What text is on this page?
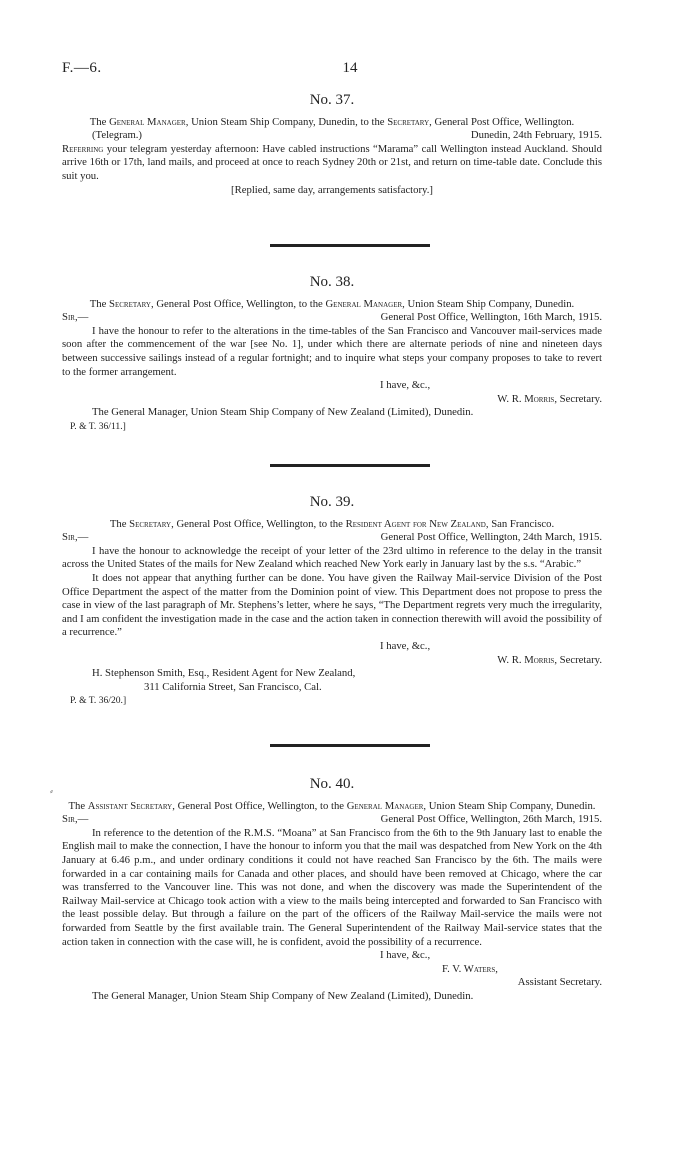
F.—6.	14
No. 37.
The General Manager, Union Steam Ship Company, Dunedin, to the Secretary, General Post Office, Wellington.
(Telegram.)	Dunedin, 24th February, 1915.
Referring your telegram yesterday afternoon: Have cabled instructions “Marama” call Wellington instead Auckland. Should arrive 16th or 17th, land mails, and proceed at once to reach Sydney 20th or 21st, and return on time-table date. Conclude this suit you.
[Replied, same day, arrangements satisfactory.]
No. 38.
The Secretary, General Post Office, Wellington, to the General Manager, Union Steam Ship Company, Dunedin.
Sir,—	General Post Office, Wellington, 16th March, 1915.
I have the honour to refer to the alterations in the time-tables of the San Francisco and Vancouver mail-services made soon after the commencement of the war [see No. 1], under which there are alternate periods of nine and nineteen days between successive sailings instead of a regular fortnight; and to inquire what steps your company proposes to take to revert to the former arrangement.
I have, &c.,
W. R. Morris, Secretary.
The General Manager, Union Steam Ship Company of New Zealand (Limited), Dunedin.
P. & T. 36/11.]
No. 39.
The Secretary, General Post Office, Wellington, to the Resident Agent for New Zealand, San Francisco.
Sir,—	General Post Office, Wellington, 24th March, 1915.
I have the honour to acknowledge the receipt of your letter of the 23rd ultimo in reference to the delay in the transit across the United States of the mails for New Zealand which reached New York early in January last by the s.s. “Arabic.”
It does not appear that anything further can be done. You have given the Railway Mail-service Division of the Post Office Department the aspect of the matter from the Dominion point of view. This Department does not propose to press the case in view of the last paragraph of Mr. Stephens’s letter, where he says, “The Department regrets very much the irregularity, and I am confident the investigation made in the case and the action taken in connection therewith will avoid the possibility of a recurrence.”
I have, &c.,
W. R. Morris, Secretary.
H. Stephenson Smith, Esq., Resident Agent for New Zealand,
311 California Street, San Francisco, Cal.
P. & T. 36/20.]
⸗	No. 40.
The Assistant Secretary, General Post Office, Wellington, to the General Manager, Union Steam Ship Company, Dunedin.
Sir,—	General Post Office, Wellington, 26th March, 1915.
In reference to the detention of the R.M.S. “Moana” at San Francisco from the 6th to the 9th January last to enable the English mail to make the connection, I have the honour to inform you that the mail was despatched from New York on the 4th January at 6.46 p.m., and under ordinary conditions it could not have reached San Francisco by the 6th. The mails were forwarded in a car containing mails for Canada and other places, and should have been removed at Chicago, where the car was transferred to the Vancouver line. This was not done, and when the discovery was made the Superintendent of the Railway Mail-service at Chicago took action with a view to the mails being intercepted and forwarded to San Francisco with the least possible delay. But through a failure on the part of the officers of the Railway Mail-service the mails were not forwarded from Seattle by the first available train. The General Superintendent of the Railway Mail-service states that the action taken in connection with the case will, he is confident, avoid the possibility of a recurrence.
I have, &c.,
F. V. Waters,
Assistant Secretary.
The General Manager, Union Steam Ship Company of New Zealand (Limited), Dunedin.
